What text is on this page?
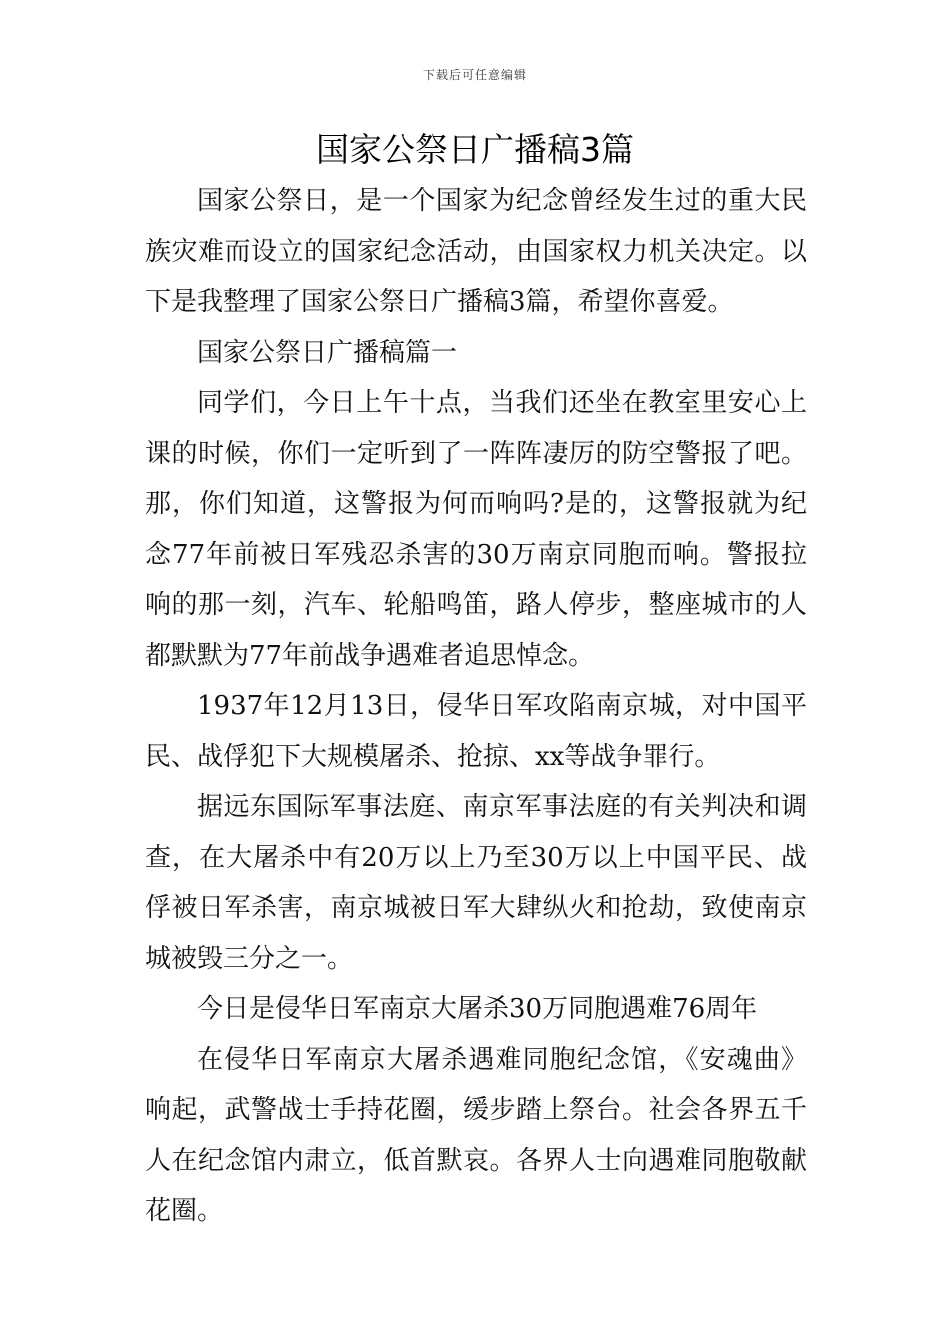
下载后可任意编辑
国家公祭日广播稿3篇

国家公祭日，是一个国家为纪念曾经发生过的重大民族灾难而设立的国家纪念活动，由国家权力机关决定。以下是我整理了国家公祭日广播稿3篇，希望你喜爱。

国家公祭日广播稿篇一

同学们，今日上午十点，当我们还坐在教室里安心上课的时候，你们一定听到了一阵阵凄厉的防空警报了吧。那，你们知道，这警报为何而响吗?是的，这警报就为纪念77年前被日军残忍杀害的30万南京同胞而响。警报拉响的那一刻，汽车、轮船鸣笛，路人停步，整座城市的人都默默为77年前战争遇难者追思悼念。

1937年12月13日，侵华日军攻陷南京城，对中国平民、战俘犯下大规模屠杀、抢掠、xx等战争罪行。

据远东国际军事法庭、南京军事法庭的有关判决和调查，在大屠杀中有20万以上乃至30万以上中国平民、战俘被日军杀害，南京城被日军大肆纵火和抢劫，致使南京城被毁三分之一。

今日是侵华日军南京大屠杀30万同胞遇难76周年

在侵华日军南京大屠杀遇难同胞纪念馆，《安魂曲》响起，武警战士手持花圈，缓步踏上祭台。社会各界五千人在纪念馆内肃立，低首默哀。各界人士向遇难同胞敬献花圈。
